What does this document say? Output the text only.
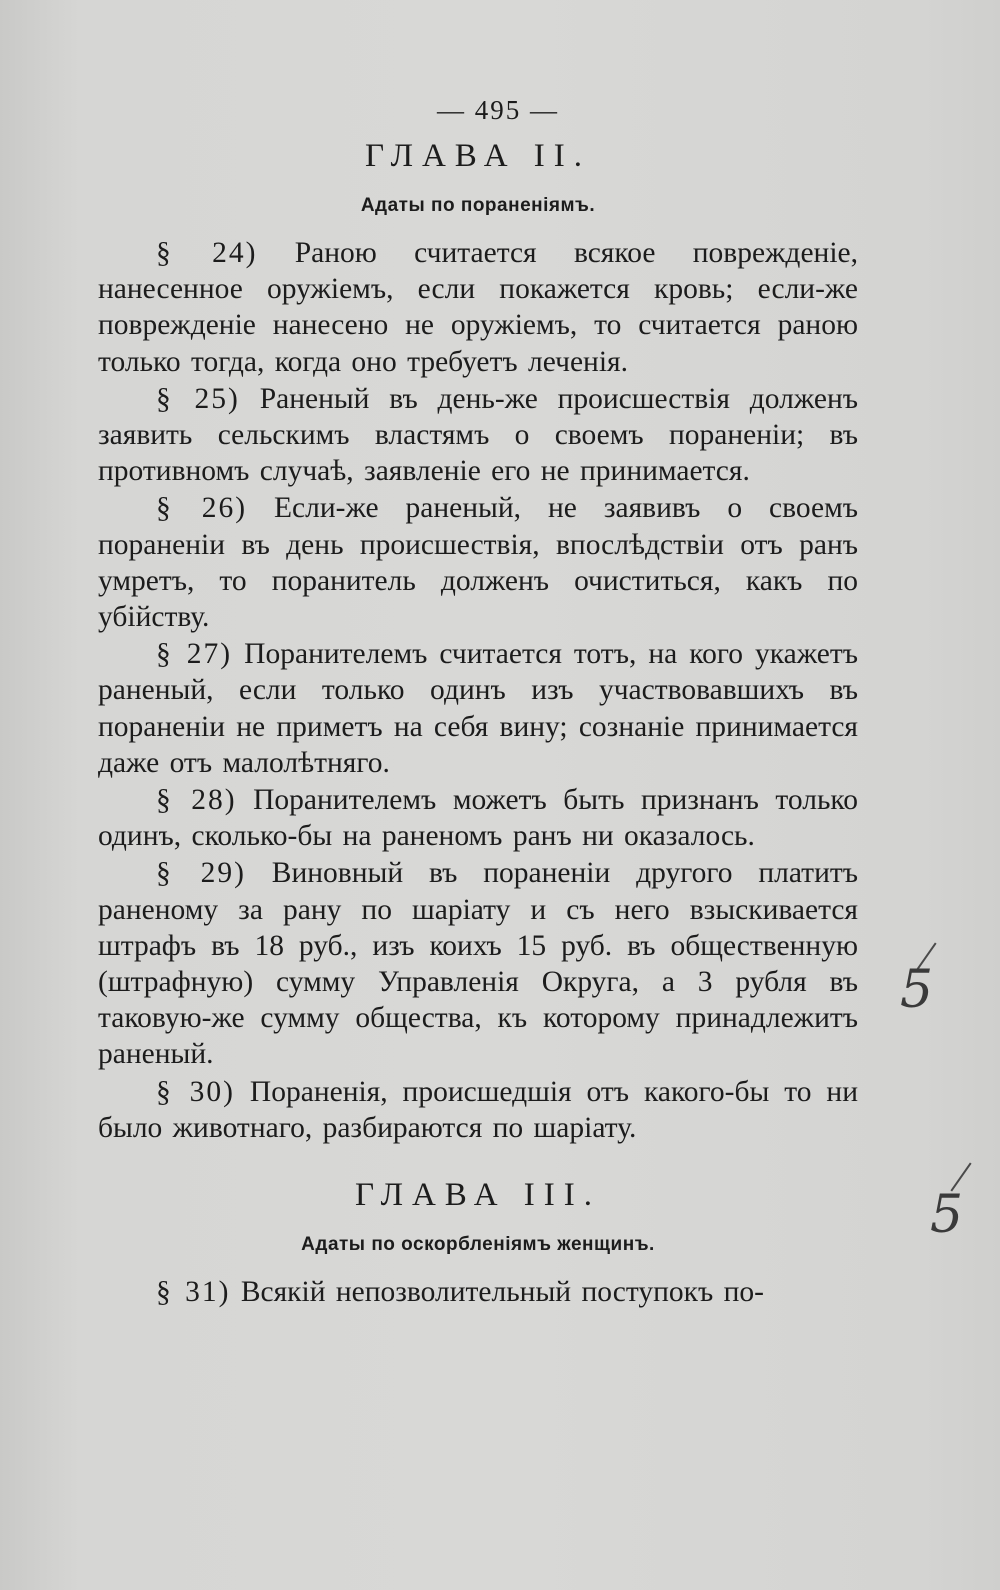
— 495 —
ГЛАВА II.
Адаты по пораненіямъ.

§ 24) Раною считается всякое поврежденіе, нанесенное оружіемъ, если покажется кровь; если-же поврежденіе нанесено не оружіемъ, то считается раною только тогда, когда оно требуетъ леченія.

§ 25) Раненый въ день-же происшествія долженъ заявить сельскимъ властямъ о своемъ пораненіи; въ противномъ случаѣ, заявленіе его не принимается.

§ 26) Если-же раненый, не заявивъ о своемъ пораненіи въ день происшествія, впослѣдствіи отъ ранъ умретъ, то поранитель долженъ очиститься, какъ по убійству.

§ 27) Поранителемъ считается тотъ, на кого укажетъ раненый, если только одинъ изъ участвовавшихъ въ пораненіи не приметъ на себя вину; сознаніе принимается даже отъ малолѣтняго.

§ 28) Поранителемъ можетъ быть признанъ только одинъ, сколько-бы на раненомъ ранъ ни оказалось.

§ 29) Виновный въ пораненіи другого платитъ раненому за рану по шаріату и съ него взыскивается штрафъ въ 18 руб., изъ коихъ 15 руб. въ общественную (штрафную) сумму Управленія Округа, а 3 рубля въ таковую-же сумму общества, къ которому принадлежитъ раненый.

§ 30) Пораненія, происшедшія отъ какого-бы то ни было животнаго, разбираются по шаріату.

ГЛАВА III.
Адаты по оскорбленіямъ женщинъ.

§ 31) Всякій непозволительный поступокъ по-

5
5
